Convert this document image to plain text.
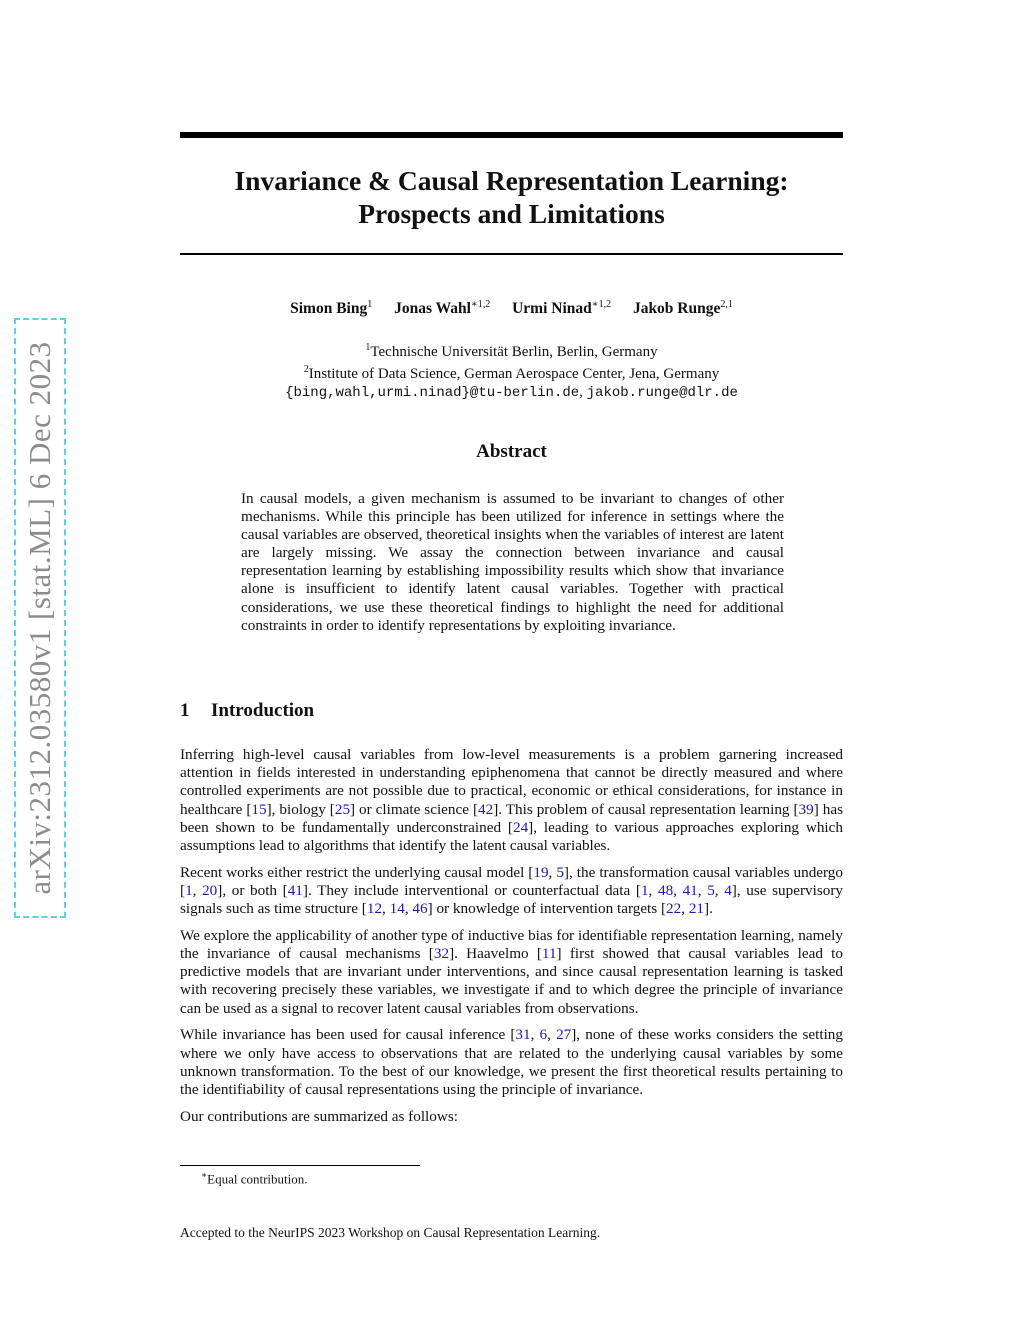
arXiv:2312.03580v1 [stat.ML] 6 Dec 2023
Invariance & Causal Representation Learning:
Prospects and Limitations
Simon Bing$^1$ Jonas Wahl$^{∗1,2}$ Urmi Ninad$^{∗1,2}$ Jakob Runge$^{2,1}$
$^1$Technische Universität Berlin, Berlin, Germany
$^2$Institute of Data Science, German Aerospace Center, Jena, Germany
{bing,wahl,urmi.ninad}@tu-berlin.de, jakob.runge@dlr.de
Abstract
In causal models, a given mechanism is assumed to be invariant to changes of other mechanisms. While this principle has been utilized for inference in settings where the causal variables are observed, theoretical insights when the variables of interest are latent are largely missing. We assay the connection between invariance and causal representation learning by establishing impossibility results which show that invariance alone is insufficient to identify latent causal variables. Together with practical considerations, we use these theoretical findings to highlight the need for additional constraints in order to identify representations by exploiting invariance.
1 Introduction

Inferring high-level causal variables from low-level measurements is a problem garnering increased attention in fields interested in understanding epiphenomena that cannot be directly measured and where controlled experiments are not possible due to practical, economic or ethical considerations, for instance in healthcare [15], biology [25] or climate science [42]. This problem of causal representation learning [39] has been shown to be fundamentally underconstrained [24], leading to various approaches exploring which assumptions lead to algorithms that identify the latent causal variables.

Recent works either restrict the underlying causal model [19, 5], the transformation causal variables undergo [1, 20], or both [41]. They include interventional or counterfactual data [1, 48, 41, 5, 4], use supervisory signals such as time structure [12, 14, 46] or knowledge of intervention targets [22, 21].

We explore the applicability of another type of inductive bias for identifiable representation learning, namely the invariance of causal mechanisms [32]. Haavelmo [11] first showed that causal variables lead to predictive models that are invariant under interventions, and since causal representation learning is tasked with recovering precisely these variables, we investigate if and to which degree the principle of invariance can be used as a signal to recover latent causal variables from observations.

While invariance has been used for causal inference [31, 6, 27], none of these works considers the setting where we only have access to observations that are related to the underlying causal variables by some unknown transformation. To the best of our knowledge, we present the first theoretical results pertaining to the identifiability of causal representations using the principle of invariance.

Our contributions are summarized as follows:

∗Equal contribution.
Accepted to the NeurIPS 2023 Workshop on Causal Representation Learning.
